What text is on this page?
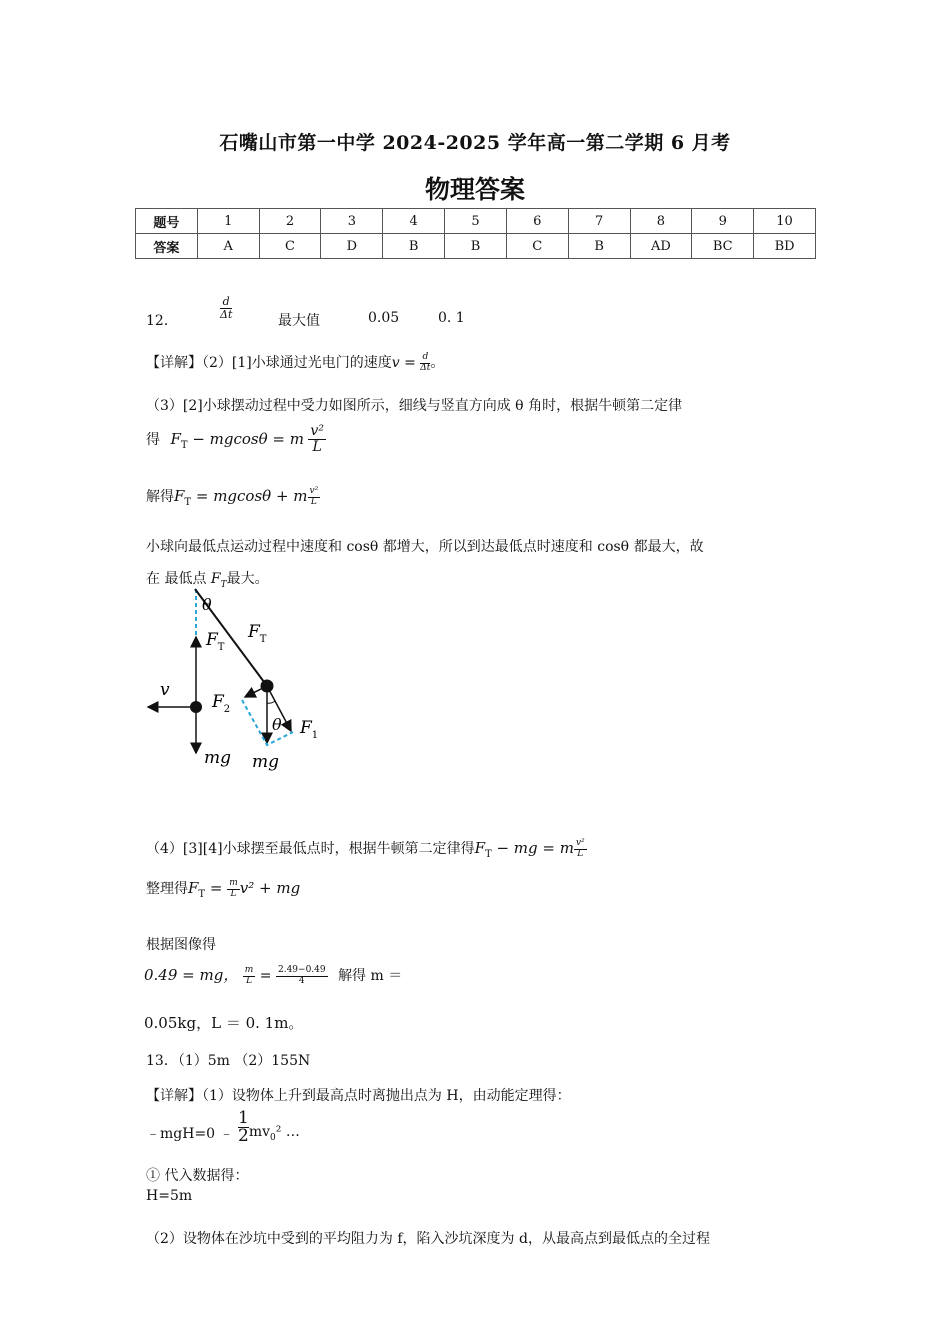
石嘴山市第一中学 2024-2025 学年高一第二学期 6 月考
物理答案
题号	1	2	3	4	5	6	7	8	9	10
答案	A	C	D	B	B	C	B	AD	BC	BD
12．	$\frac{d}{\Delta t}$	最大值	0.05	0. 1
【详解】（2）[1]小球通过光电门的速度$v = \frac{d}{\Delta t}$ 。
（3）[2]小球摆动过程中受力如图所示，细线与竖直方向成 θ 角时，根据牛顿第二定律
得 $F_T - mgcos\theta = m \frac{\text{v²}}{L}$
解得$F_T = mgcos\theta + m \frac{\text{v²}}{L}$
小球向最低点运动过程中速度和 cosθ 都增大，所以到达最低点时速度和 cosθ 都最大，故
在 最低点 $F_T$最大。
θ
$F_T$
$F_T$
v
$F_2$
θ $F_1$
mg mg
（4）[3][4]小球摆至最低点时，根据牛顿第二定律得$F_T$ − mg = m $\frac{\text{v²}}{L}$
整理得$F_T = \frac{m}{L} v^2$ + mg
根据图像得
0.49 = mg， $\frac{m}{L} = \frac{2.49-0.49}{4}$ 解得 m ＝
0.05kg，L ＝ 0. 1m。
13．（1）5m （2）155N
【详解】（1）设物体上升到最高点时离抛出点为 H，由动能定理得：
﹣mgH=0 ﹣ $\frac{1}{2} mv_0^2$ …
① 代入数据得：
H=5m
（2）设物体在沙坑中受到的平均阻力为 f，陷入沙坑深度为 d，从最高点到最低点的全过程
